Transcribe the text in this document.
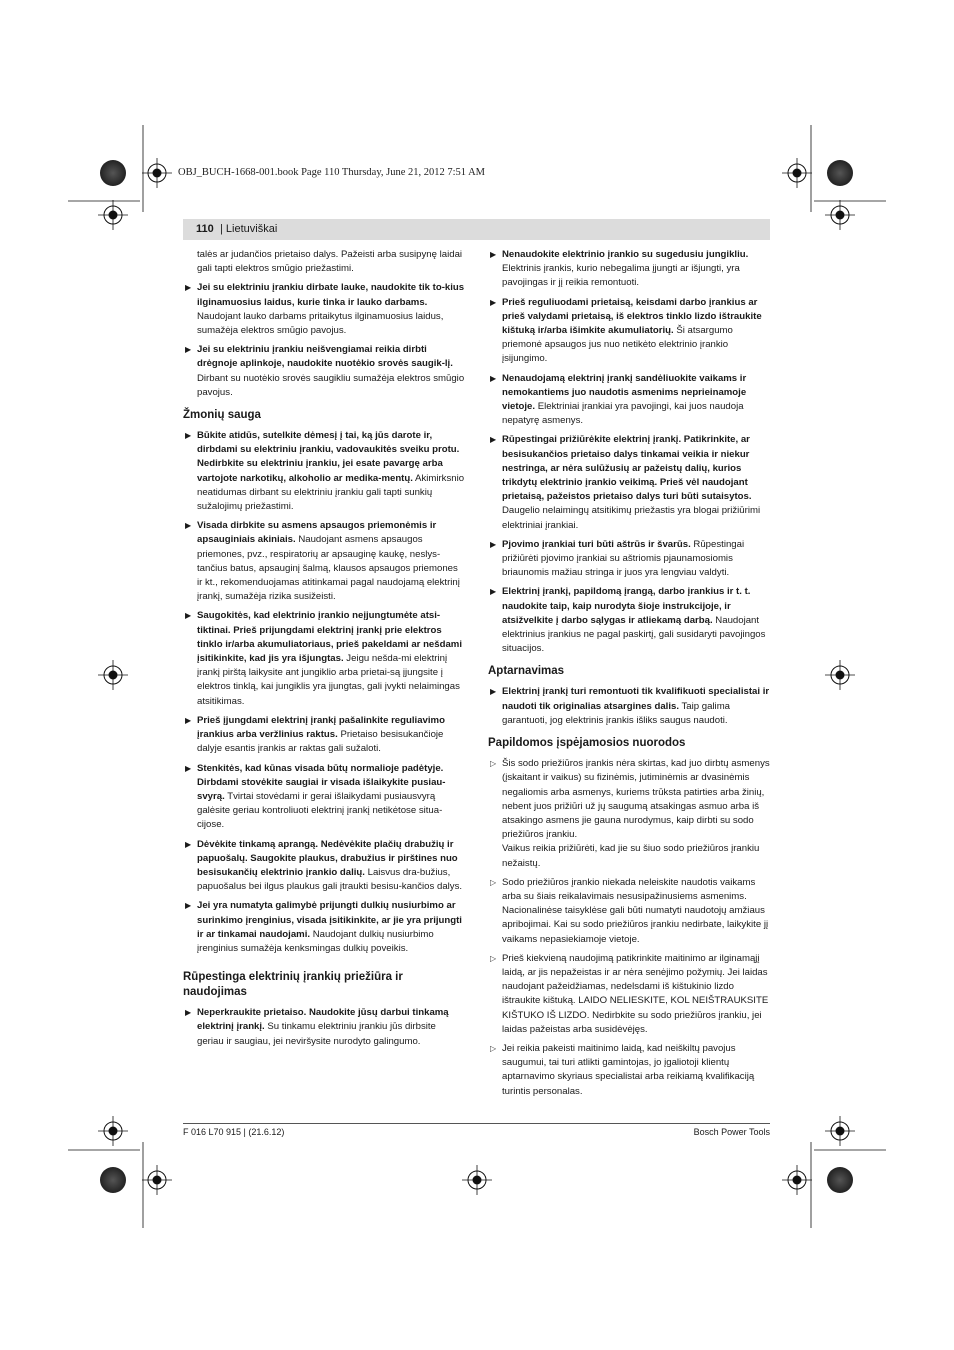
OBJ_BUCH-1668-001.book Page 110 Thursday, June 21, 2012 7:51 AM
110 | Lietuviškai
talės ar judančios prietaiso dalys. Pažeisti arba susipynę laidai gali tapti elektros smūgio priežastimi.
▶ Jei su elektriniu įrankiu dirbate lauke, naudokite tik to-kius ilginamuosius laidus, kurie tinka ir lauko darbams. Naudojant lauko darbams pritaikytus ilginamuosius laidus, sumažėja elektros smūgio pavojus.
▶ Jei su elektriniu įrankiu neišvengiamai reikia dirbti drėgnoje aplinkoje, naudokite nuotėkio srovės saugik-lį. Dirbant su nuotėkio srovės saugikliu sumažėja elektros smūgio pavojus.
Žmonių sauga
▶ Būkite atidūs, sutelkite dėmesį į tai, ką jūs darote ir, dirbdami su elektriniu įrankiu, vadovaukitės sveiku protu. Nedirbkite su elektriniu įrankiu, jei esate pavargę arba vartojote narkotikų, alkoholio ar medika-mentų. Akimirksnio neatidumas dirbant su elektriniu įrankiu gali tapti sunkių sužalojimų priežastimi.
▶ Visada dirbkite su asmens apsaugos priemonėmis ir apsauginiais akiniais. Naudojant asmens apsaugos priemones, pvz., respiratorių ar apsauginę kaukę, neslys-tančius batus, apsauginį šalmą, klausos apsaugos priemones ir kt., rekomenduojamas atitinkamai pagal naudojamą elektrinį įrankį, sumažėja rizika susižeisti.
▶ Saugokitės, kad elektrinio įrankio neįjungtumėte atsi-tiktinai. Prieš prijungdami elektrinį įrankį prie elektros tinklo ir/arba akumuliatoriaus, prieš pakeldami ar nešdami įsitikinkite, kad jis yra išjungtas. Jeigu nešda-mi elektrinį įrankį pirštą laikysite ant jungiklio arba prietai-są įjungsite į elektros tinklą, kai jungiklis yra įjungtas, gali įvykti nelaimingas atsitikimas.
▶ Prieš įjungdami elektrinį įrankį pašalinkite reguliavimo įrankius arba veržlinius raktus. Prietaiso besisukančioje dalyje esantis įrankis ar raktas gali sužaloti.
▶ Stenkitės, kad kūnas visada būtų normalioje padėtyje. Dirbdami stovėkite saugiai ir visada išlaikykite pusiau-svyrą. Tvirtai stovėdami ir gerai išlaikydami pusiausvyrą galėsite geriau kontroliuoti elektrinį įrankį netikėtose situa-cijose.
▶ Dėvėkite tinkamą aprangą. Nedėvėkite plačių drabužių ir papuošalų. Saugokite plaukus, drabužius ir pirštines nuo besisukančių elektrinio įrankio dalių. Laisvus dra-bužius, papuošalus bei ilgus plaukus gali įtraukti besisu-kančios dalys.
▶ Jei yra numatyta galimybė prijungti dulkių nusiurbimo ar surinkimo įrenginius, visada įsitikinkite, ar jie yra prijungti ir ar tinkamai naudojami. Naudojant dulkių nusiurbimo įrenginius sumažėja kenksmingas dulkių poveikis.
Rūpestinga elektrinių įrankių priežiūra ir naudojimas
▶ Neperkraukite prietaiso. Naudokite jūsų darbui tinkamą elektrinį įrankį. Su tinkamu elektriniu įrankiu jūs dirbsite geriau ir saugiau, jei neviršysite nurodyto galingumo.
▶ Nenaudokite elektrinio įrankio su sugedusiu jungikliu. Elektrinis įrankis, kurio nebegalima įjungti ar išjungti, yra pavojingas ir jį reikia remontuoti.
▶ Prieš reguliuodami prietaisą, keisdami darbo įrankius ar prieš valydami prietaisą, iš elektros tinklo lizdo ištraukite kištuką ir/arba išimkite akumuliatorių. Ši atsargumo priemonė apsaugos jus nuo netikėto elektrinio įrankio įsijungimo.
▶ Nenaudojamą elektrinį įrankį sandėliuokite vaikams ir nemokantiems juo naudotis asmenims neprieinamoje vietoje. Elektriniai įrankiai yra pavojingi, kai juos naudoja nepatyrę asmenys.
▶ Rūpestingai prižiūrėkite elektrinį įrankį. Patikrinkite, ar besisukančios prietaiso dalys tinkamai veikia ir niekur nestringa, ar nėra sulūžusių ar pažeistų dalių, kurios trikdytų elektrinio įrankio veikimą. Prieš vėl naudojant prietaisą, pažeistos prietaiso dalys turi būti sutaisytos. Daugelio nelaimingų atsitikimų priežastis yra blogai prižiūrimi elektriniai įrankiai.
▶ Pjovimo įrankiai turi būti aštrūs ir švarūs. Rūpestingai prižiūrėti pjovimo įrankiai su aštriomis pjaunamosiomis briaunomis mažiau stringa ir juos yra lengviau valdyti.
▶ Elektrinį įrankį, papildomą įrangą, darbo įrankius ir t. t. naudokite taip, kaip nurodyta šioje instrukcijoje, ir atsižvelkite į darbo sąlygas ir atliekamą darbą. Naudojant elektrinius įrankius ne pagal paskirtį, gali susidaryti pavojingos situacijos.
Aptarnavimas
▶ Elektrinį įrankį turi remontuoti tik kvalifikuoti specialistai ir naudoti tik originalias atsargines dalis. Taip galima garantuoti, jog elektrinis įrankis išliks saugus naudoti.
Papildomos įspėjamosios nuorodos
▷ Šis sodo priežiūros įrankis nėra skirtas, kad juo dirbtų asmenys (įskaitant ir vaikus) su fizinėmis, jutiminėmis ar dvasinėmis negaliomis arba asmenys, kuriems trūksta patirties arba žinių, nebent juos prižiūri už jų saugumą atsakingas asmuo arba iš atsakingo asmens jie gauna nurodymus, kaip dirbti su sodo priežiūros įrankiu.
Vaikus reikia prižiūrėti, kad jie su šiuo sodo priežiūros įrankiu nežaistų.
▷ Sodo priežiūros įrankio niekada neleiskite naudotis vaikams arba su šiais reikalavimais nesusipažinusiems asmenims. Nacionalinėse taisyklėse gali būti numatyti naudotojų amžiaus apribojimai. Kai su sodo priežiūros įrankiu nedirbate, laikykite jį vaikams nepasiekiamoje vietoje.
▷ Prieš kiekvieną naudojimą patikrinkite maitinimo ar ilginamąjį laidą, ar jis nepažeistas ir ar nėra senėjimo požymių. Jei laidas naudojant pažeidžiamas, nedelsdami iš kištukinio lizdo ištraukite kištuką. LAIDO NELIESKITE, KOL NEIŠTRAUKSITE KIŠTUKO IŠ LIZDO. Nedirbkite su sodo priežiūros įrankiu, jei laidas pažeistas arba susidėvėjęs.
▷ Jei reikia pakeisti maitinimo laidą, kad neiškiltų pavojus saugumui, tai turi atlikti gamintojas, jo įgaliotoji klientų aptarnavimo skyriaus specialistai arba reikiamą kvalifikaciją turintis personalas.
F 016 L70 915 | (21.6.12)	Bosch Power Tools
